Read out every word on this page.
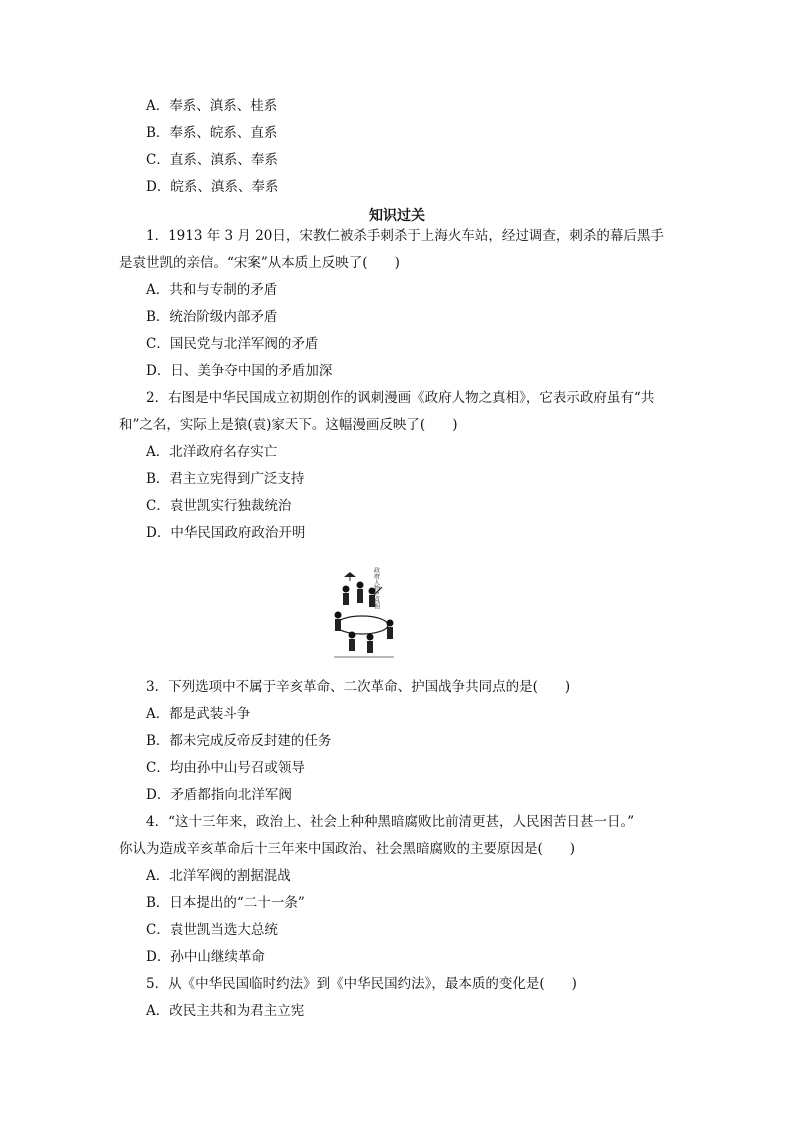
A．奉系、滇系、桂系
B．奉系、皖系、直系
C．直系、滇系、奉系
D．皖系、滇系、奉系
知识过关
1．1913 年 3 月 20日，宋教仁被杀手刺杀于上海火车站，经过调查，刺杀的幕后黑手
是袁世凯的亲信。“宋案”从本质上反映了(　　)
A．共和与专制的矛盾
B．统治阶级内部矛盾
C．国民党与北洋军阀的矛盾
D．日、美争夺中国的矛盾加深
2．右图是中华民国成立初期创作的讽刺漫画《政府人物之真相》，它表示政府虽有“共
和”之名，实际上是猿(袁)家天下。这幅漫画反映了(　　)
A．北洋政府名存实亡
B．君主立宪得到广泛支持
C．袁世凯实行独裁统治
D．中华民国政府政治开明
政府人物之真相
3．下列选项中不属于辛亥革命、二次革命、护国战争共同点的是(　　)
A．都是武装斗争
B．都未完成反帝反封建的任务
C．均由孙中山号召或领导
D．矛盾都指向北洋军阀
4．“这十三年来，政治上、社会上种种黑暗腐败比前清更甚，人民困苦日甚一日。”
你认为造成辛亥革命后十三年来中国政治、社会黑暗腐败的主要原因是(　　)
A．北洋军阀的割据混战
B．日本提出的“二十一条”
C．袁世凯当选大总统
D．孙中山继续革命
5．从《中华民国临时约法》到《中华民国约法》，最本质的变化是(　　)
A．改民主共和为君主立宪
